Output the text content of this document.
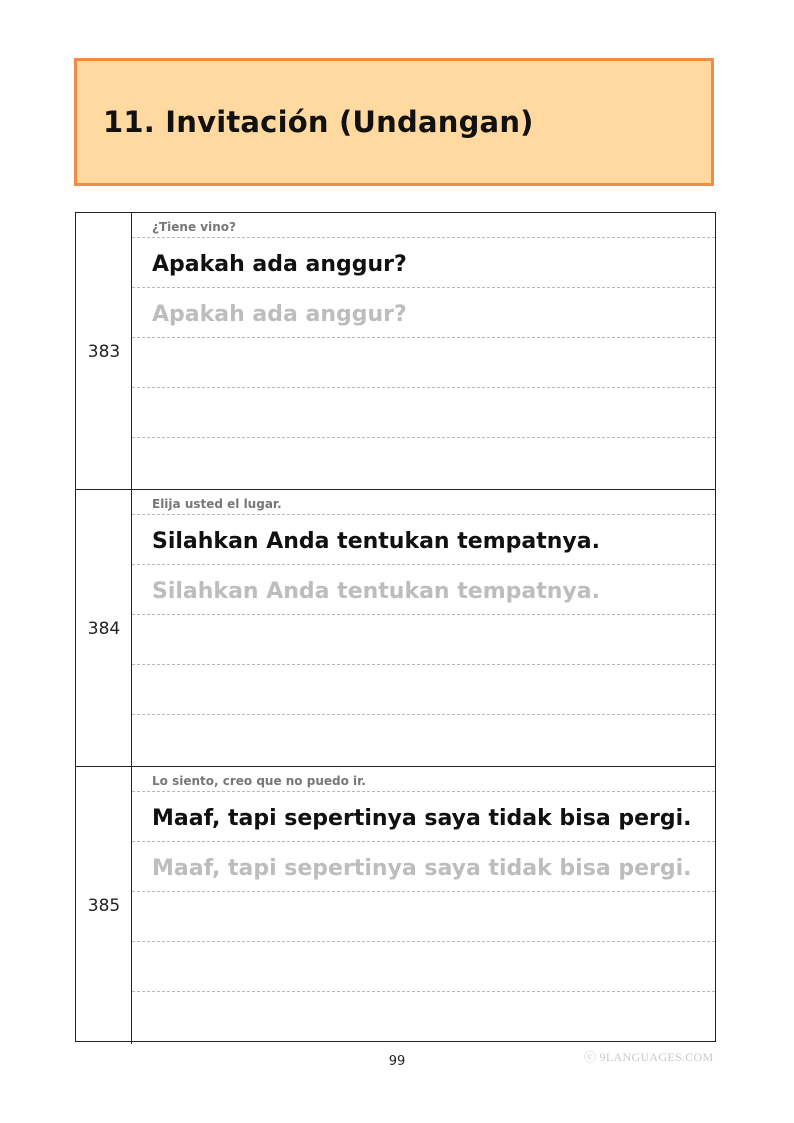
11. Invitación (Undangan)
383
¿Tiene vino?
Apakah ada anggur?
Apakah ada anggur?
384
Elija usted el lugar.
Silahkan Anda tentukan tempatnya.
Silahkan Anda tentukan tempatnya.
385
Lo siento, creo que no puedo ir.
Maaf, tapi sepertinya saya tidak bisa pergi.
Maaf, tapi sepertinya saya tidak bisa pergi.
99	ⓒ 9LANGUAGES.COM
